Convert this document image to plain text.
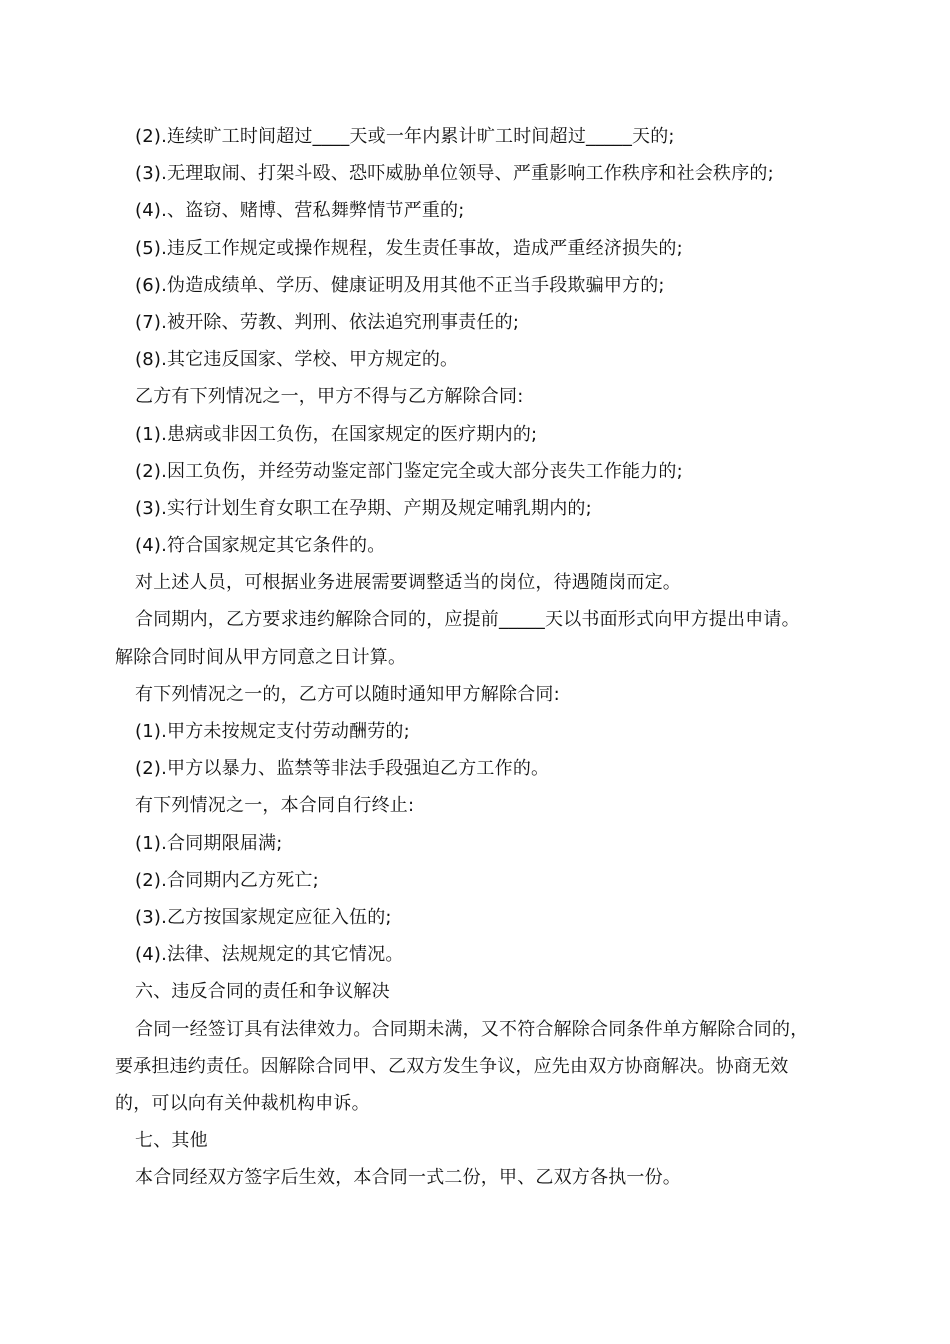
(2).连续旷工时间超过____天或一年内累计旷工时间超过_____天的;
(3).无理取闹、打架斗殴、恐吓威胁单位领导、严重影响工作秩序和社会秩序的;
(4).、盗窃、赌博、营私舞弊情节严重的;
(5).违反工作规定或操作规程，发生责任事故，造成严重经济损失的;
(6).伪造成绩单、学历、健康证明及用其他不正当手段欺骗甲方的;
(7).被开除、劳教、判刑、依法追究刑事责任的;
(8).其它违反国家、学校、甲方规定的。
乙方有下列情况之一，甲方不得与乙方解除合同:
(1).患病或非因工负伤，在国家规定的医疗期内的;
(2).因工负伤，并经劳动鉴定部门鉴定完全或大部分丧失工作能力的;
(3).实行计划生育女职工在孕期、产期及规定哺乳期内的;
(4).符合国家规定其它条件的。
对上述人员，可根据业务进展需要调整适当的岗位，待遇随岗而定。
合同期内，乙方要求违约解除合同的，应提前_____天以书面形式向甲方提出申请。
解除合同时间从甲方同意之日计算。
有下列情况之一的，乙方可以随时通知甲方解除合同:
(1).甲方未按规定支付劳动酬劳的;
(2).甲方以暴力、监禁等非法手段强迫乙方工作的。
有下列情况之一，本合同自行终止:
(1).合同期限届满;
(2).合同期内乙方死亡;
(3).乙方按国家规定应征入伍的;
(4).法律、法规规定的其它情况。
六、违反合同的责任和争议解决
合同一经签订具有法律效力。合同期未满，又不符合解除合同条件单方解除合同的，
要承担违约责任。因解除合同甲、乙双方发生争议，应先由双方协商解决。协商无效
的，可以向有关仲裁机构申诉。
七、其他
本合同经双方签字后生效，本合同一式二份，甲、乙双方各执一份。
